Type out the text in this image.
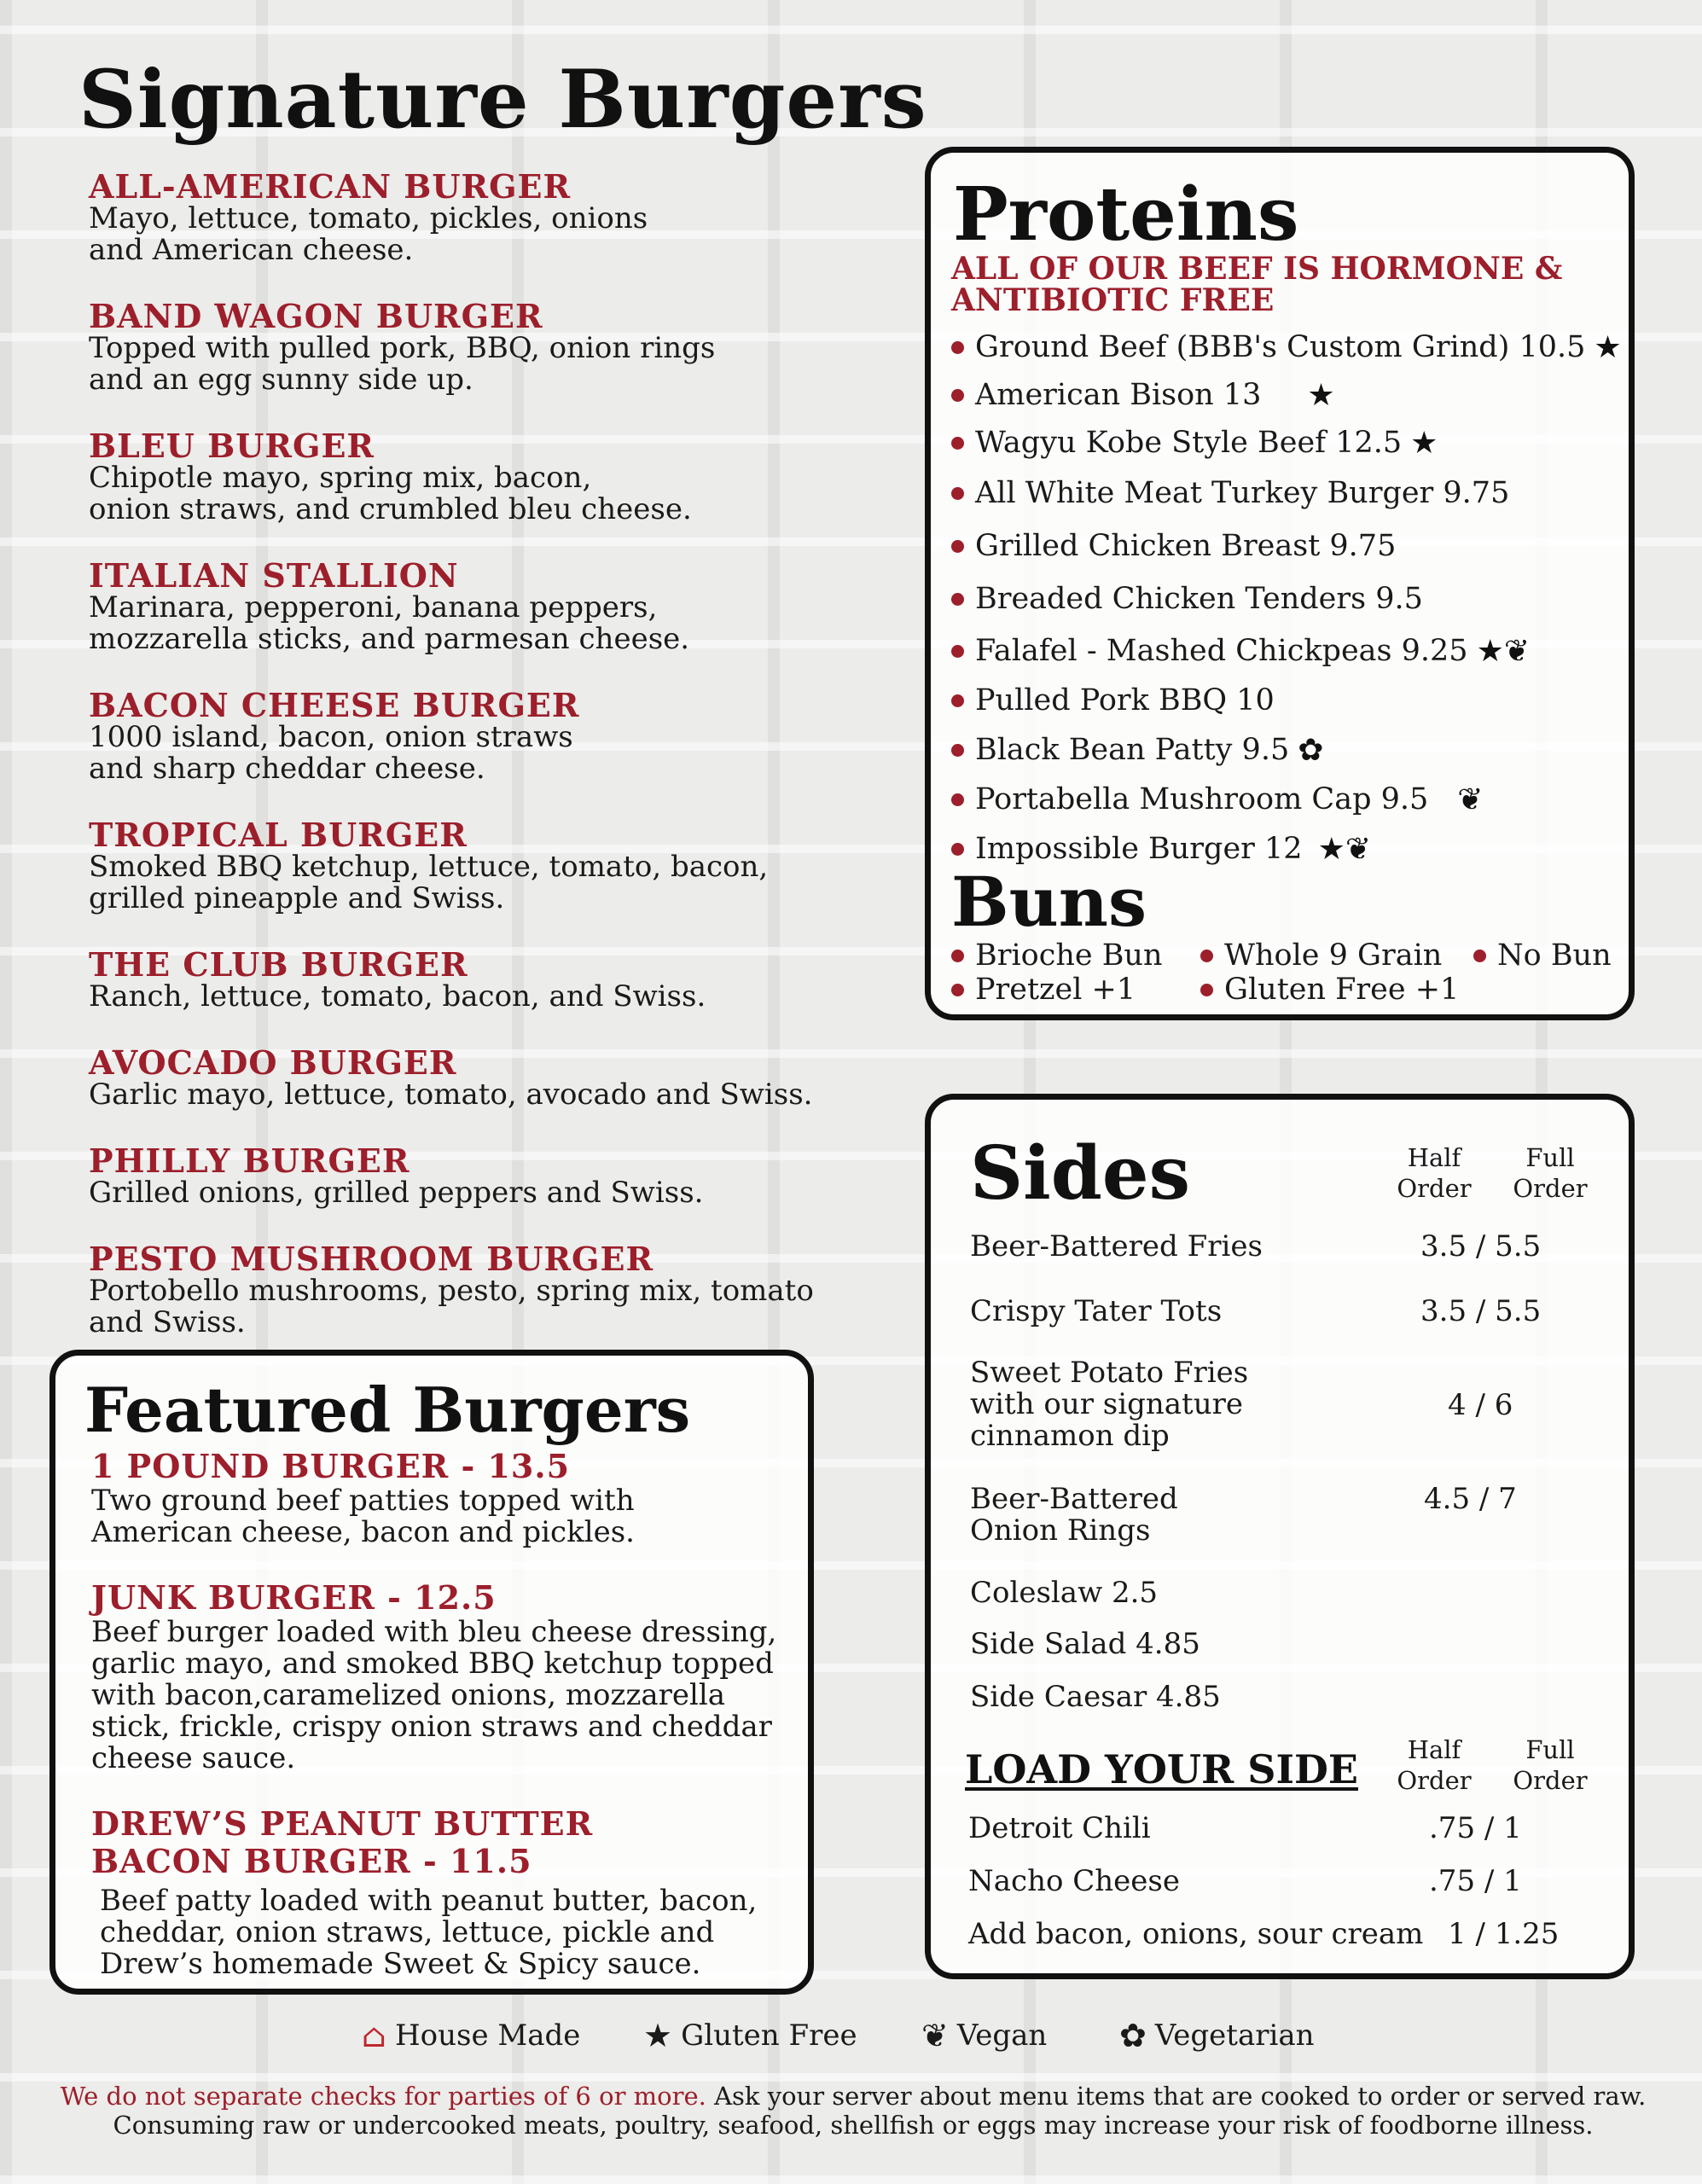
Signature Burgers
ALL-AMERICAN BURGER
Mayo, lettuce, tomato, pickles, onions
and American cheese.
BAND WAGON BURGER
Topped with pulled pork, BBQ, onion rings
and an egg sunny side up.
BLEU BURGER
Chipotle mayo, spring mix, bacon,
onion straws, and crumbled bleu cheese.
ITALIAN STALLION
Marinara, pepperoni, banana peppers,
mozzarella sticks, and parmesan cheese.
BACON CHEESE BURGER
1000 island, bacon, onion straws
and sharp cheddar cheese.
TROPICAL BURGER
Smoked BBQ ketchup, lettuce, tomato, bacon,
grilled pineapple and Swiss.
THE CLUB BURGER
Ranch, lettuce, tomato, bacon, and Swiss.
AVOCADO BURGER
Garlic mayo, lettuce, tomato, avocado and Swiss.
PHILLY BURGER
Grilled onions, grilled peppers and Swiss.
PESTO MUSHROOM BURGER
Portobello mushrooms, pesto, spring mix, tomato
and Swiss.
Featured Burgers
1 POUND BURGER - 13.5
Two ground beef patties topped with
American cheese, bacon and pickles.
JUNK BURGER - 12.5
Beef burger loaded with bleu cheese dressing,
garlic mayo, and smoked BBQ ketchup topped
with bacon,caramelized onions, mozzarella
stick, frickle, crispy onion straws and cheddar
cheese sauce.
DREW’S PEANUT BUTTER
BACON BURGER - 11.5
Beef patty loaded with peanut butter, bacon,
cheddar, onion straws, lettuce, pickle and
Drew’s homemade Sweet & Spicy sauce.
Proteins
ALL OF OUR BEEF IS HORMONE &
ANTIBIOTIC FREE
Ground Beef (BBB's Custom Grind) 10.5 ★
American Bison 13 ★
Wagyu Kobe Style Beef 12.5 ★
All White Meat Turkey Burger 9.75
Grilled Chicken Breast 9.75
Breaded Chicken Tenders 9.5
Falafel - Mashed Chickpeas 9.25 ★❦
Pulled Pork BBQ 10
Black Bean Patty 9.5 ✿
Portabella Mushroom Cap 9.5 ❦
Impossible Burger 12 ★❦
Buns
Brioche Bun Whole 9 Grain No Bun
Pretzel +1	Gluten Free +1
Sides	Half
Order
Full
Order
Beer-Battered Fries	3.5 / 5.5
Crispy Tater Tots	3.5 / 5.5
Sweet Potato Fries
with our signature
cinnamon dip
4 / 6
Beer-Battered
Onion Rings
4.5 / 7
Coleslaw 2.5
Side Salad 4.85
Side Caesar 4.85
LOAD YOUR SIDE	Half
Order
Full
Order
Detroit Chili	.75 / 1
Nacho Cheese	.75 / 1
Add bacon, onions, sour cream 1 / 1.25
⌂ House Made ★ Gluten Free ❦ Vegan ✿ Vegetarian
We do not separate checks for parties of 6 or more. Ask your server about menu items that are cooked to order or served raw. Consuming raw or undercooked meats, poultry, seafood, shellfish or eggs may increase your risk of foodborne illness.
